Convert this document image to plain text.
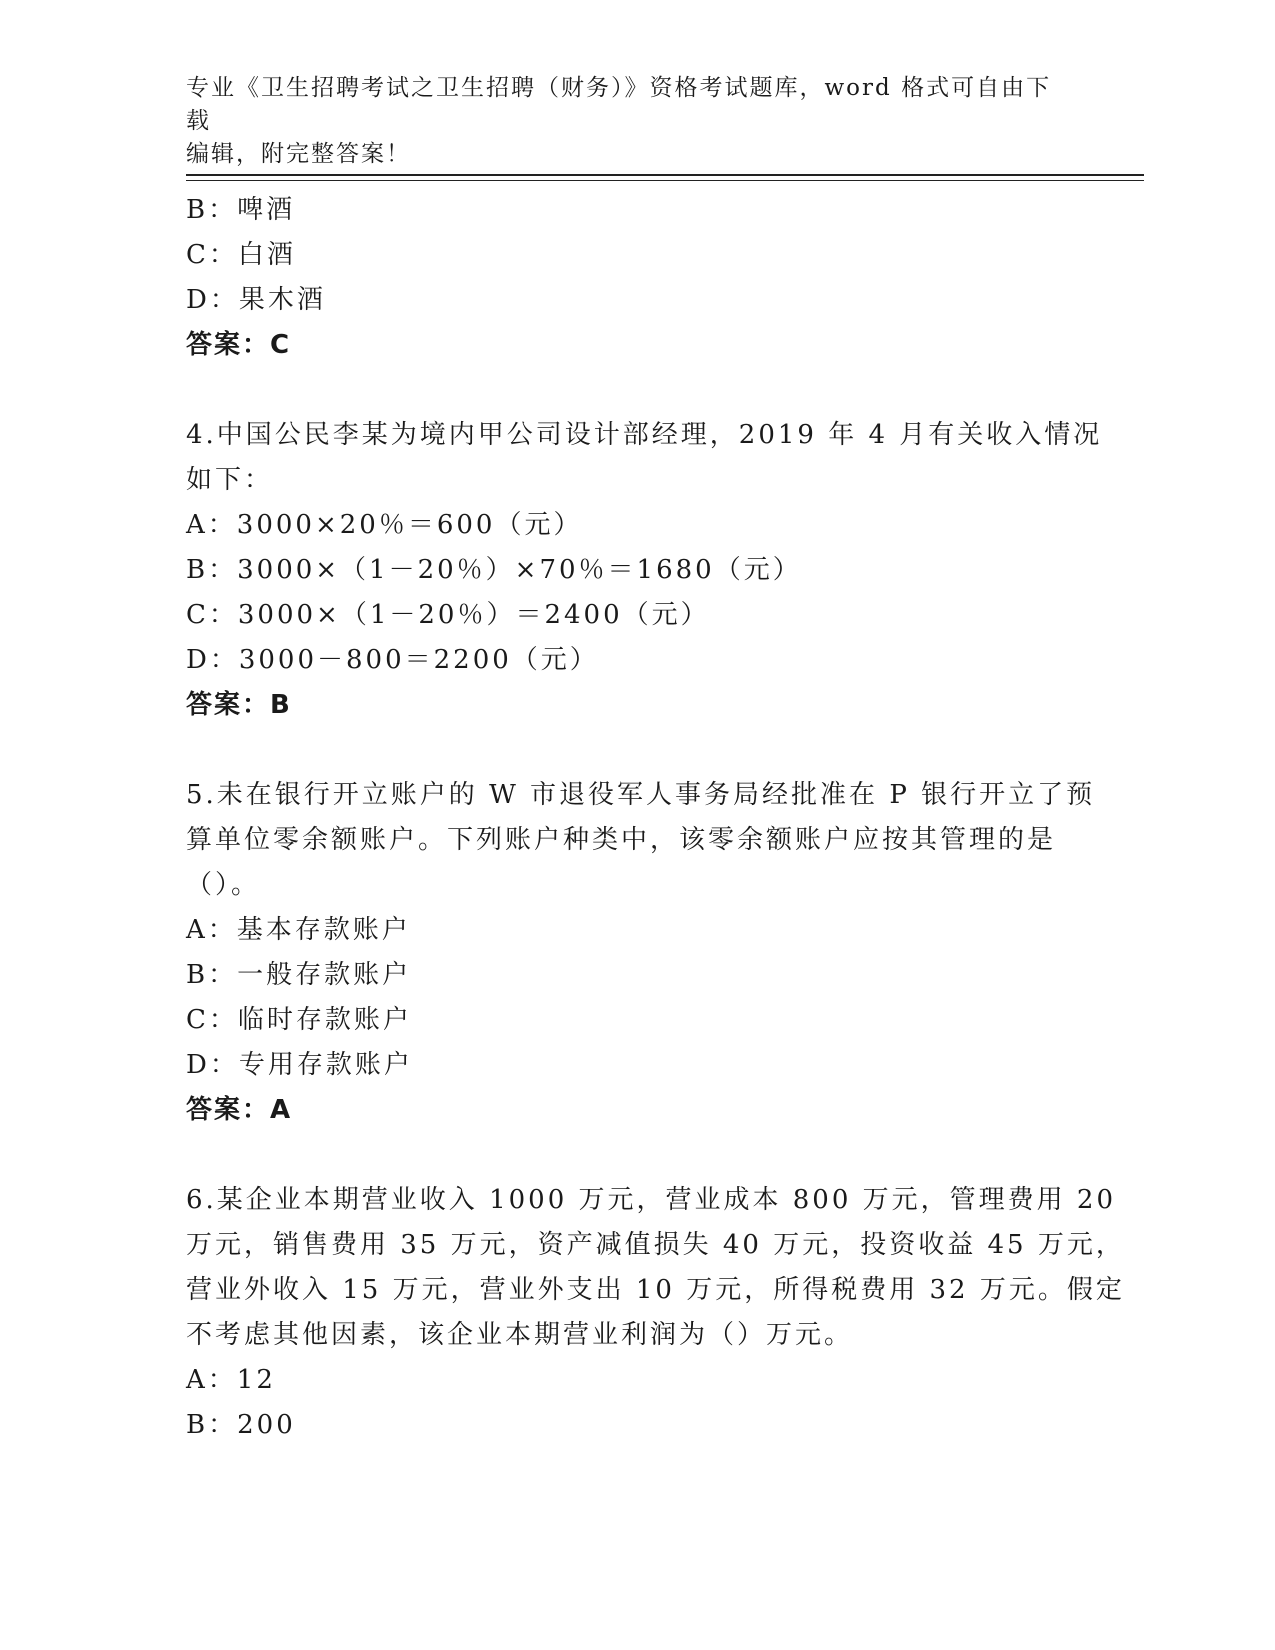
专业《卫生招聘考试之卫生招聘（财务）》资格考试题库，word 格式可自由下载
编辑，附完整答案！
B：啤酒
C：白酒
D：果木酒
答案：C
4.中国公民李某为境内甲公司设计部经理，2019 年 4 月有关收入情况
如下：
A：3000×20％＝600（元）
B：3000×（1－20％）×70％＝1680（元）
C：3000×（1－20％）＝2400（元）
D：3000－800＝2200（元）
答案：B
5.未在银行开立账户的 W 市退役军人事务局经批准在 P 银行开立了预
算单位零余额账户。下列账户种类中，该零余额账户应按其管理的是
（）。
A：基本存款账户
B：一般存款账户
C：临时存款账户
D：专用存款账户
答案：A
6.某企业本期营业收入 1000 万元，营业成本 800 万元，管理费用 20
万元，销售费用 35 万元，资产减值损失 40 万元，投资收益 45 万元，
营业外收入 15 万元，营业外支出 10 万元，所得税费用 32 万元。假定
不考虑其他因素，该企业本期营业利润为（）万元。
A：12
B：200
